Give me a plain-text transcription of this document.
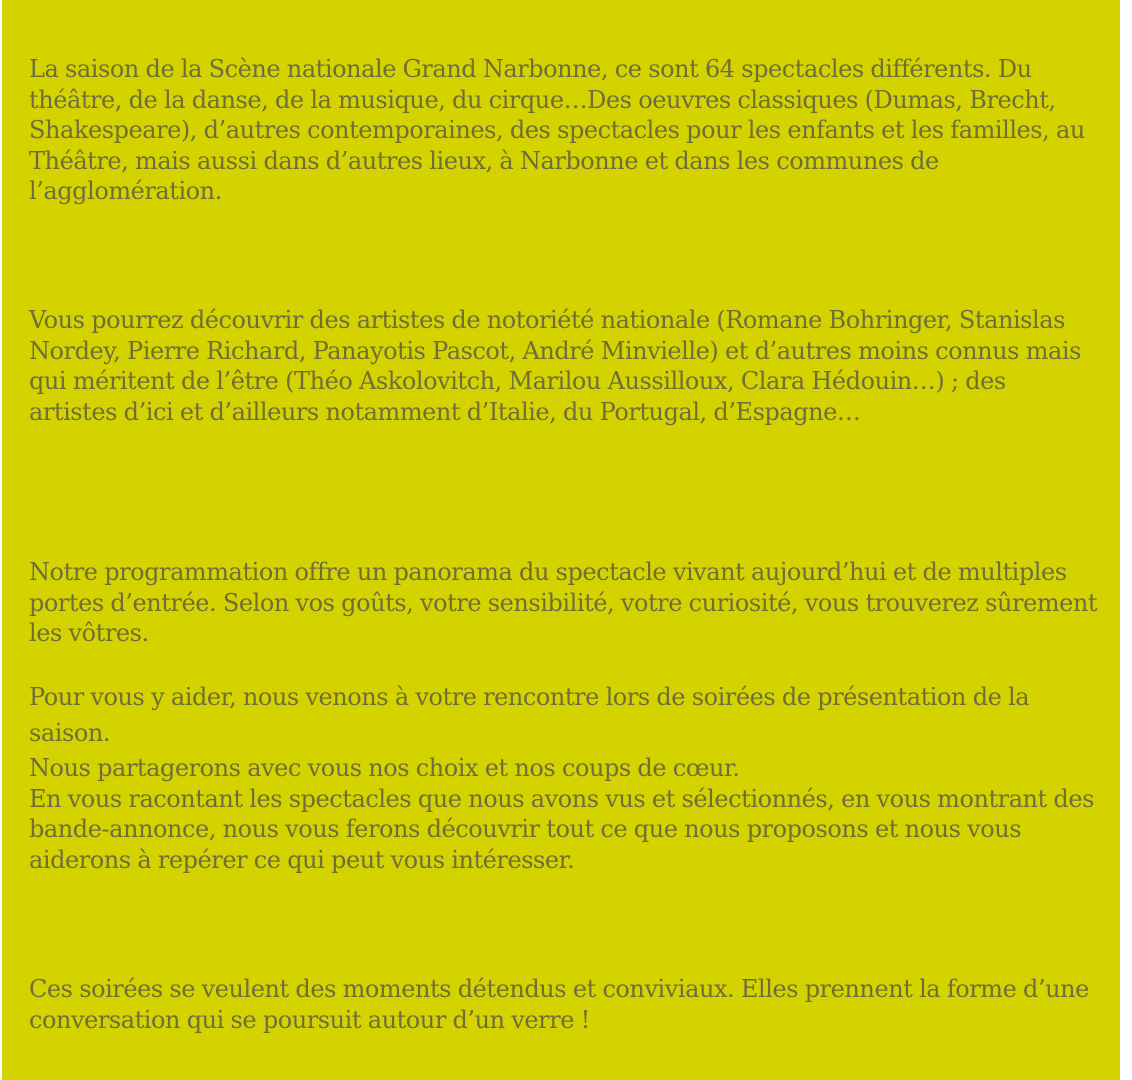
La saison de la Scène nationale Grand Narbonne, ce sont 64 spectacles différents. Du théâtre, de la danse, de la musique, du cirque…Des oeuvres classiques (Dumas, Brecht, Shakespeare), d’autres contemporaines, des spectacles pour les enfants et les familles, au Théâtre, mais aussi dans d’autres lieux, à Narbonne et dans les communes de l’agglomération.

Vous pourrez découvrir des artistes de notoriété nationale (Romane Bohringer, Stanislas Nordey, Pierre Richard, Panayotis Pascot, André Minvielle) et d’autres moins connus mais qui méritent de l’être (Théo Askolovitch, Marilou Aussilloux, Clara Hédouin…) ; des artistes d’ici et d’ailleurs notamment d’Italie, du Portugal, d’Espagne…

Notre programmation offre un panorama du spectacle vivant aujourd’hui et de multiples portes d’entrée. Selon vos goûts, votre sensibilité, votre curiosité, vous trouverez sûrement les vôtres.

Pour vous y aider, nous venons à votre rencontre lors de soirées de présentation de la saison.

Nous partagerons avec vous nos choix et nos coups de cœur.
En vous racontant les spectacles que nous avons vus et sélectionnés, en vous montrant des bande-annonce, nous vous ferons découvrir tout ce que nous proposons et nous vous aiderons à repérer ce qui peut vous intéresser.

Ces soirées se veulent des moments détendus et conviviaux. Elles prennent la forme d’une conversation qui se poursuit autour d’un verre !
